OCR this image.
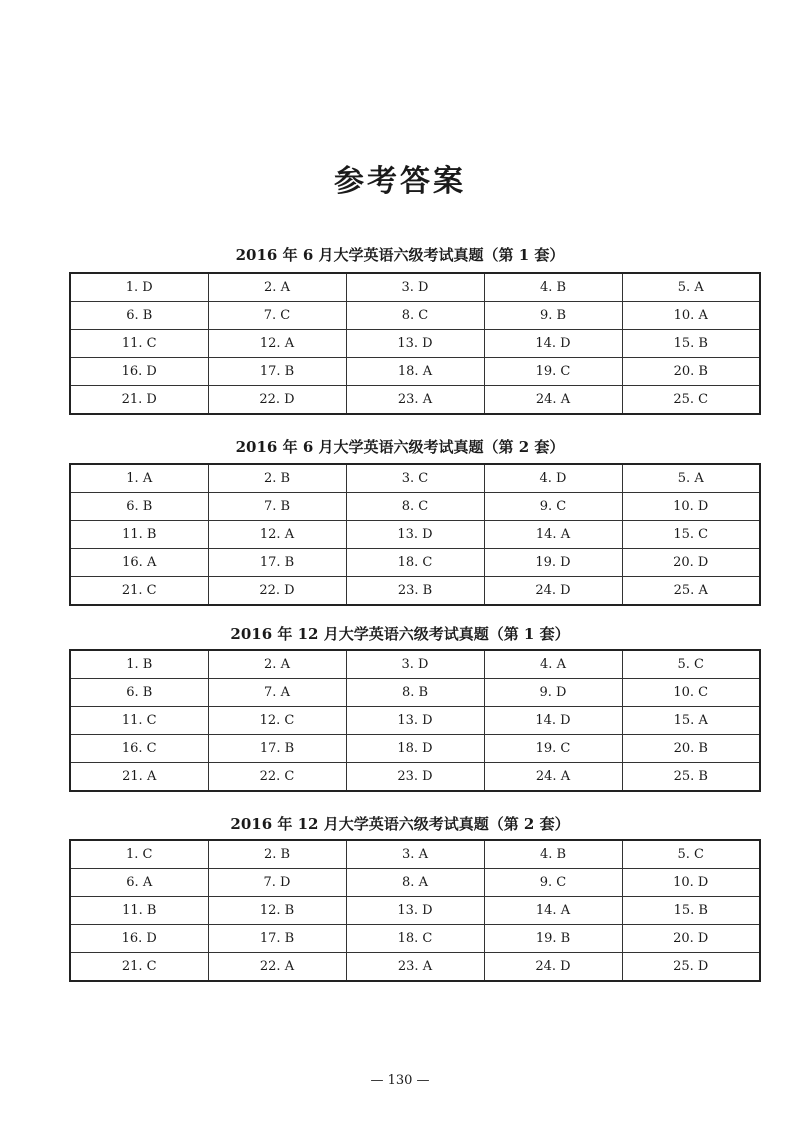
参考答案
2016 年 6 月大学英语六级考试真题（第 1 套）
1. D	2. A	3. D	4. B	5. A
6. B	7. C	8. C	9. B	10. A
11. C	12. A	13. D	14. D	15. B
16. D	17. B	18. A	19. C	20. B
21. D	22. D	23. A	24. A	25. C
2016 年 6 月大学英语六级考试真题（第 2 套）
1. A	2. B	3. C	4. D	5. A
6. B	7. B	8. C	9. C	10. D
11. B	12. A	13. D	14. A	15. C
16. A	17. B	18. C	19. D	20. D
21. C	22. D	23. B	24. D	25. A
2016 年 12 月大学英语六级考试真题（第 1 套）
1. B	2. A	3. D	4. A	5. C
6. B	7. A	8. B	9. D	10. C
11. C	12. C	13. D	14. D	15. A
16. C	17. B	18. D	19. C	20. B
21. A	22. C	23. D	24. A	25. B
2016 年 12 月大学英语六级考试真题（第 2 套）
1. C	2. B	3. A	4. B	5. C
6. A	7. D	8. A	9. C	10. D
11. B	12. B	13. D	14. A	15. B
16. D	17. B	18. C	19. B	20. D
21. C	22. A	23. A	24. D	25. D
— 130 —
